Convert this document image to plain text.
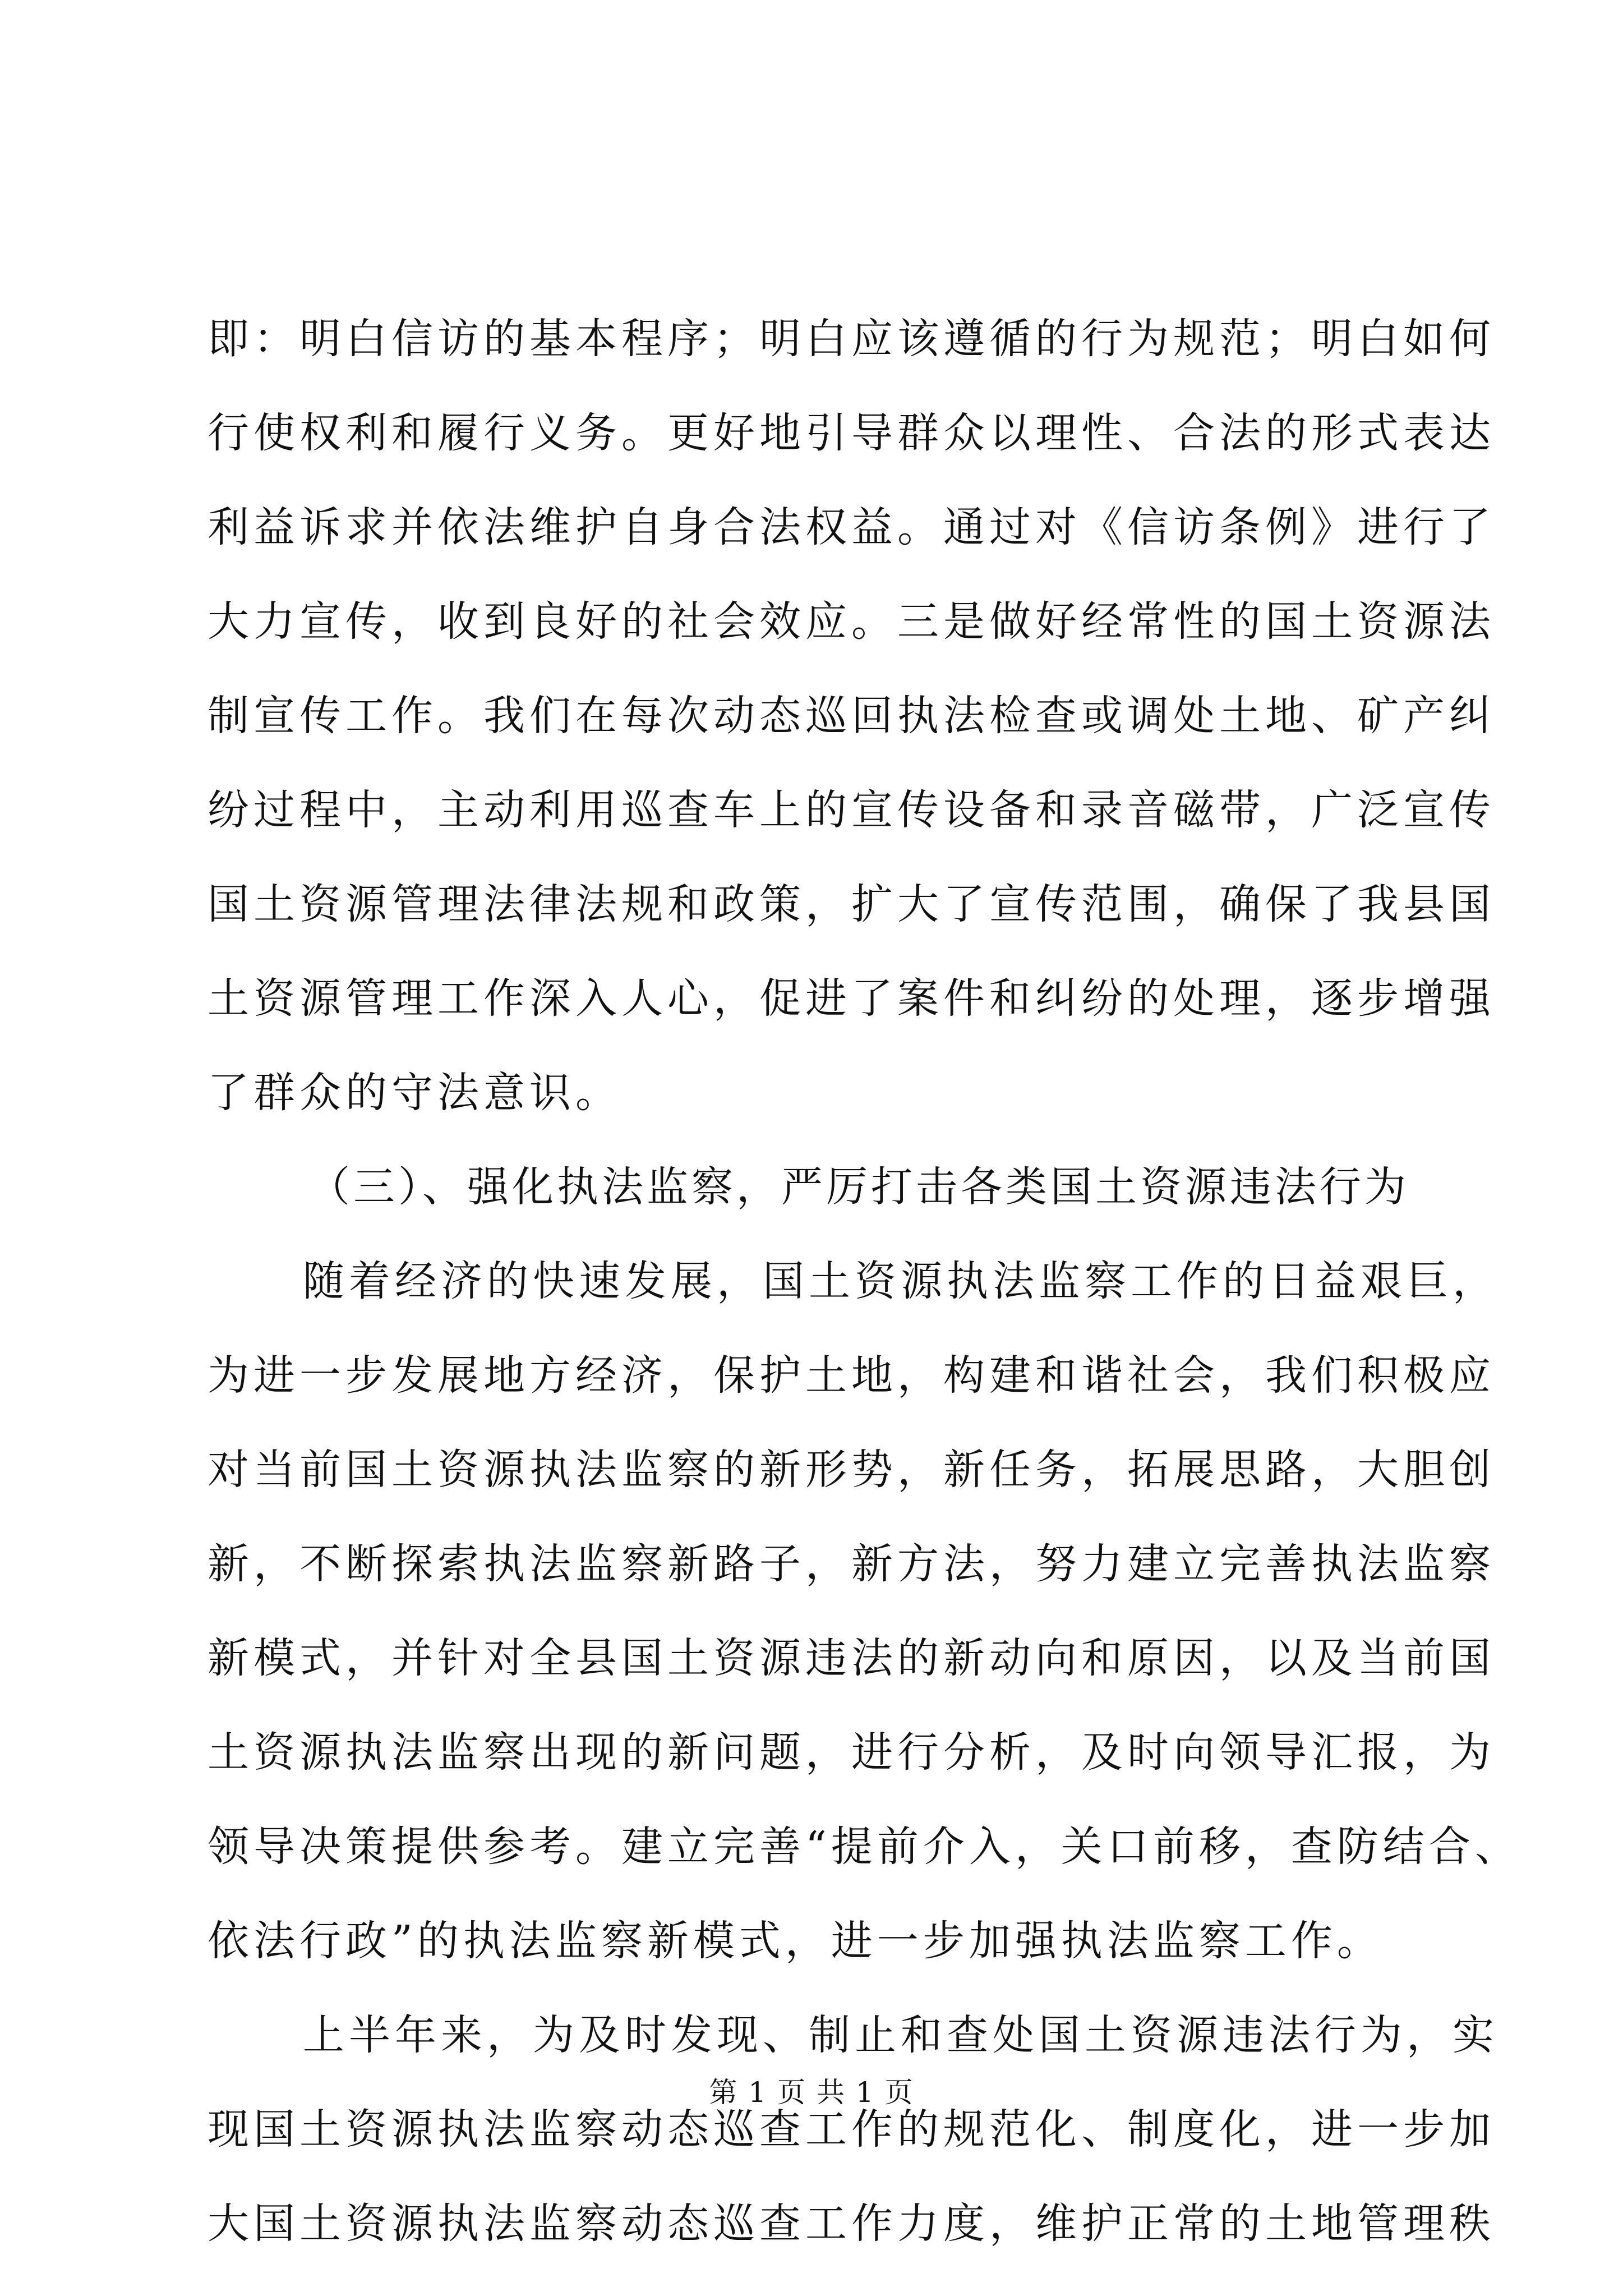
即：明白信访的基本程序；明白应该遵循的行为规范；明白如何
行使权利和履行义务。更好地引导群众以理性、合法的形式表达
利益诉求并依法维护自身合法权益。通过对《信访条例》进行了
大力宣传，收到良好的社会效应。三是做好经常性的国土资源法
制宣传工作。我们在每次动态巡回执法检查或调处土地、矿产纠
纷过程中，主动利用巡查车上的宣传设备和录音磁带，广泛宣传
国土资源管理法律法规和政策，扩大了宣传范围，确保了我县国
土资源管理工作深入人心，促进了案件和纠纷的处理，逐步增强
了群众的守法意识。
（三）、强化执法监察，严厉打击各类国土资源违法行为
随着经济的快速发展，国土资源执法监察工作的日益艰巨，
为进一步发展地方经济，保护土地，构建和谐社会，我们积极应
对当前国土资源执法监察的新形势，新任务，拓展思路，大胆创
新，不断探索执法监察新路子，新方法，努力建立完善执法监察
新模式，并针对全县国土资源违法的新动向和原因，以及当前国
土资源执法监察出现的新问题，进行分析，及时向领导汇报，为
领导决策提供参考。建立完善“提前介入，关口前移，查防结合、
依法行政”的执法监察新模式，进一步加强执法监察工作。
上半年来，为及时发现、制止和查处国土资源违法行为，实
现国土资源执法监察动态巡查工作的规范化、制度化，进一步加
大国土资源执法监察动态巡查工作力度，维护正常的土地管理秩
第 1 页 共 1 页
